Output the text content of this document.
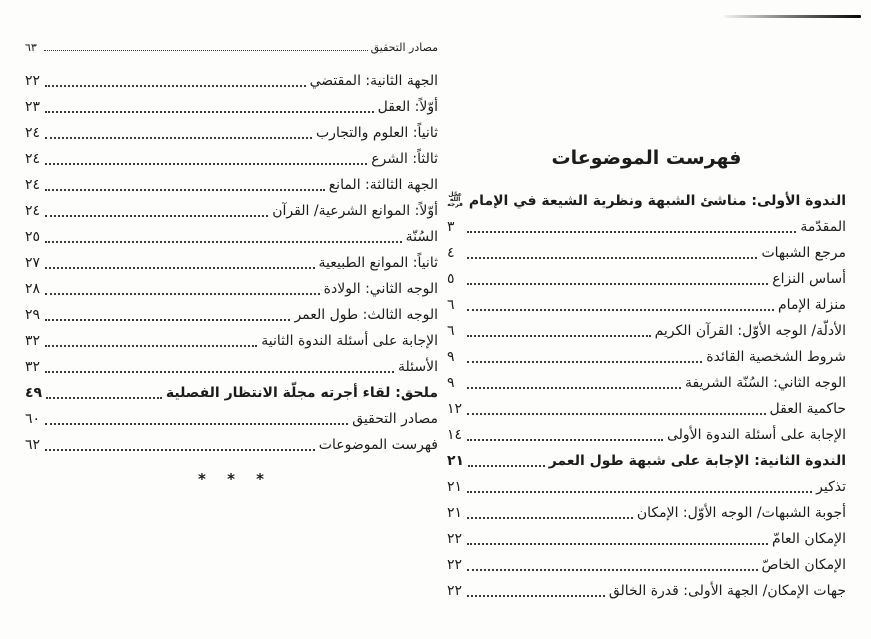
مصادر التحقيق
٦٣
الجهة الثانية: المقتضي
٢٢
أوّلاً: العقل
٢٣
ثانياً: العلوم والتجارب
٢٤
ثالثاً: الشرع
٢٤
الجهة الثالثة: المانع
٢٤
أوّلاً: الموانع الشرعية/ القرآن
٢٤
السُنّة
٢٥
ثانياً: الموانع الطبيعية
٢٧
الوجه الثاني: الولادة
٢٨
الوجه الثالث: طول العمر
٢٩
الإجابة على أسئلة الندوة الثانية
٣٢
الأسئلة
٣٢
ملحق: لقاء أجرته مجلّة الانتظار الفصلية
٤٩
مصادر التحقيق
٦٠
فهرست الموضوعات
٦٢
* * *
فهرست الموضوعات
الندوة الأولى: مناشئ الشبهة ونظرية الشيعة في الإمام
عجّل الله فرجه
المقدّمة
٣
مرجع الشبهات
٤
أساس النزاع
٥
منزلة الإمام
٦
الأدلّة/ الوجه الأوّل: القرآن الكريم
٦
شروط الشخصية القائدة
٩
الوجه الثاني: السُنّة الشريفة
٩
حاكمية العقل
١٢
الإجابة على أسئلة الندوة الأولى
١٤
الندوة الثانية: الإجابة على شبهة طول العمر
٢١
تذكير
٢١
أجوبة الشبهات/ الوجه الأوّل: الإمكان
٢١
الإمكان العامّ
٢٢
الإمكان الخاصّ
٢٢
جهات الإمكان/ الجهة الأولى: قدرة الخالق
٢٢
